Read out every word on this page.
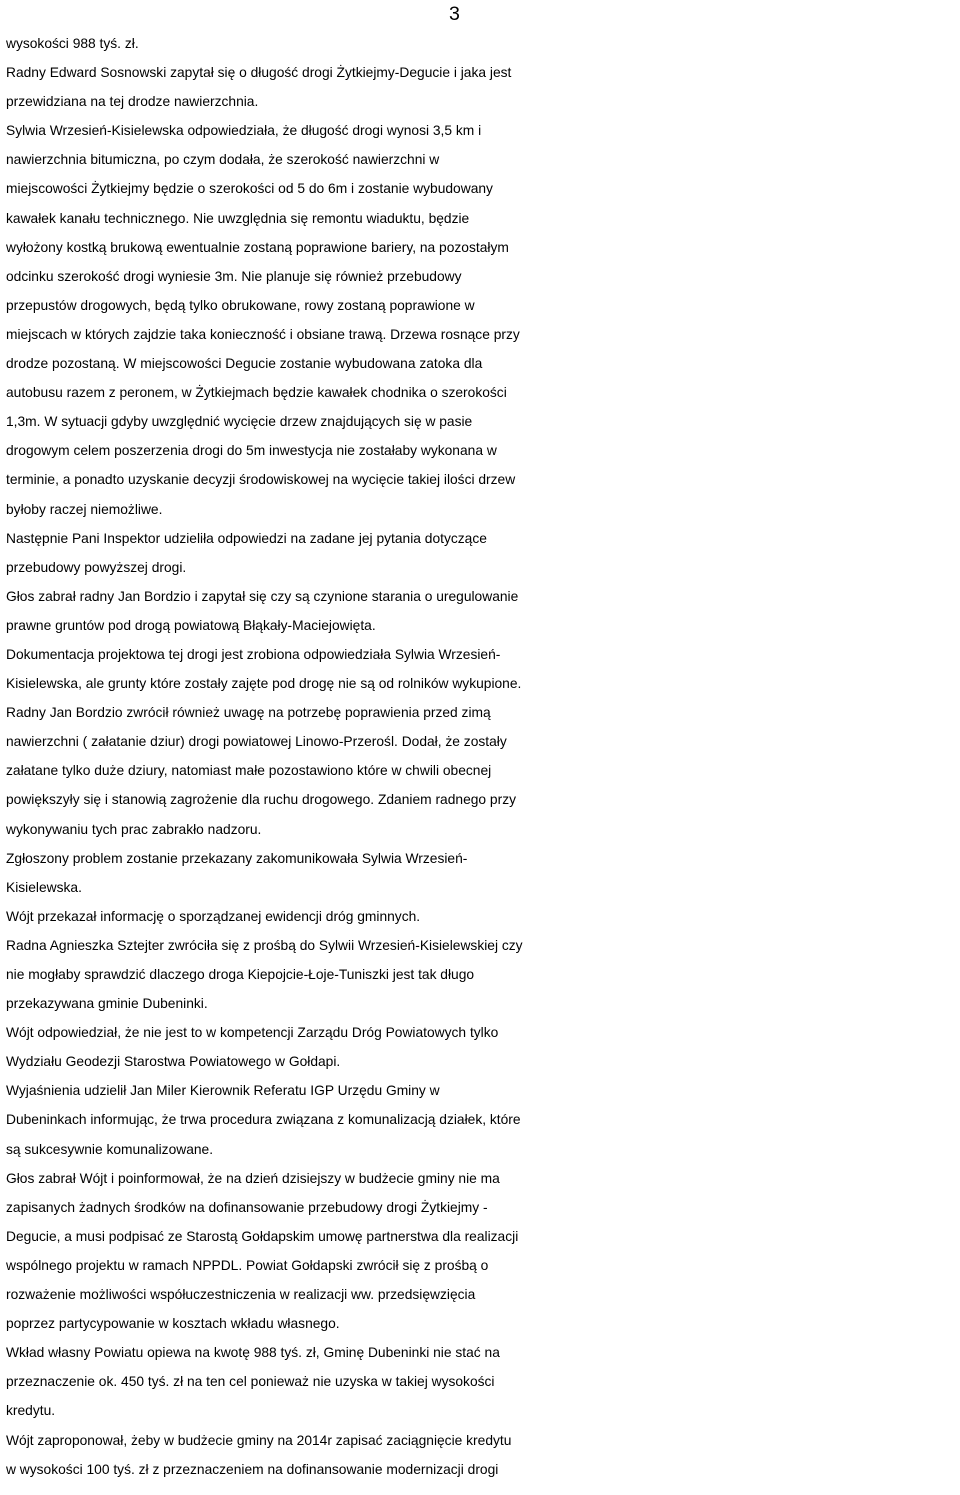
3
wysokości 988 tyś. zł.
Radny Edward Sosnowski zapytał się o długość drogi Żytkiejmy-Degucie i jaka jest
przewidziana na tej drodze nawierzchnia.
Sylwia Wrzesień-Kisielewska odpowiedziała, że długość drogi wynosi 3,5 km i
nawierzchnia bitumiczna, po czym dodała, że szerokość nawierzchni w
miejscowości Żytkiejmy będzie o szerokości od 5 do 6m i zostanie wybudowany
kawałek kanału technicznego. Nie uwzględnia się remontu wiaduktu, będzie
wyłożony kostką brukową ewentualnie zostaną poprawione bariery, na pozostałym
odcinku szerokość drogi wyniesie 3m. Nie planuje się również przebudowy
przepustów drogowych, będą tylko obrukowane, rowy zostaną poprawione w
miejscach w których zajdzie taka konieczność i obsiane trawą. Drzewa rosnące przy
drodze pozostaną. W miejscowości Degucie zostanie wybudowana zatoka dla
autobusu razem z peronem, w Żytkiejmach będzie kawałek chodnika o szerokości
1,3m. W sytuacji gdyby uwzględnić wycięcie drzew znajdujących się w pasie
drogowym celem poszerzenia drogi do 5m inwestycja nie zostałaby wykonana w
terminie, a ponadto uzyskanie decyzji środowiskowej na wycięcie takiej ilości drzew
byłoby raczej niemożliwe.
Następnie Pani Inspektor udzieliła odpowiedzi na zadane jej pytania dotyczące
przebudowy powyższej drogi.
Głos zabrał radny Jan Bordzio i zapytał się czy są czynione starania o uregulowanie
prawne gruntów pod drogą powiatową Błąkały-Maciejowięta.
Dokumentacja projektowa tej drogi jest zrobiona odpowiedziała Sylwia Wrzesień-
Kisielewska, ale grunty które zostały zajęte pod drogę nie są od rolników wykupione.
Radny Jan Bordzio zwrócił również uwagę na potrzebę poprawienia przed zimą
nawierzchni ( załatanie dziur) drogi powiatowej Linowo-Przerośl. Dodał, że zostały
załatane tylko duże dziury, natomiast małe pozostawiono które w chwili obecnej
powiększyły się i stanowią zagrożenie dla ruchu drogowego. Zdaniem radnego przy
wykonywaniu tych prac zabrakło nadzoru.
Zgłoszony problem zostanie przekazany zakomunikowała Sylwia Wrzesień-
Kisielewska.
Wójt przekazał informację o sporządzanej ewidencji dróg gminnych.
Radna Agnieszka Sztejter zwróciła się z prośbą do Sylwii Wrzesień-Kisielewskiej czy
nie mogłaby sprawdzić dlaczego droga Kiepojcie-Łoje-Tuniszki jest tak długo
przekazywana gminie Dubeninki.
Wójt odpowiedział, że nie jest to w kompetencji Zarządu Dróg Powiatowych tylko
Wydziału Geodezji Starostwa Powiatowego w Gołdapi.
Wyjaśnienia udzielił Jan Miler Kierownik Referatu IGP Urzędu Gminy w
Dubeninkach informując, że trwa procedura związana z komunalizacją działek, które
są sukcesywnie komunalizowane.
Głos zabrał Wójt i poinformował, że na dzień dzisiejszy w budżecie gminy nie ma
zapisanych żadnych środków na dofinansowanie przebudowy drogi Żytkiejmy -
Degucie, a musi podpisać ze Starostą Gołdapskim umowę partnerstwa dla realizacji
wspólnego projektu w ramach NPPDL. Powiat Gołdapski zwrócił się z prośbą o
rozważenie możliwości współuczestniczenia w realizacji ww. przedsięwzięcia
poprzez partycypowanie w kosztach wkładu własnego.
Wkład własny Powiatu opiewa na kwotę 988 tyś. zł, Gminę Dubeninki nie stać na
przeznaczenie ok. 450 tyś. zł na ten cel ponieważ nie uzyska w takiej wysokości
kredytu.
Wójt zaproponował, żeby w budżecie gminy na 2014r zapisać zaciągnięcie kredytu
w wysokości 100 tyś. zł z przeznaczeniem na dofinansowanie modernizacji drogi
